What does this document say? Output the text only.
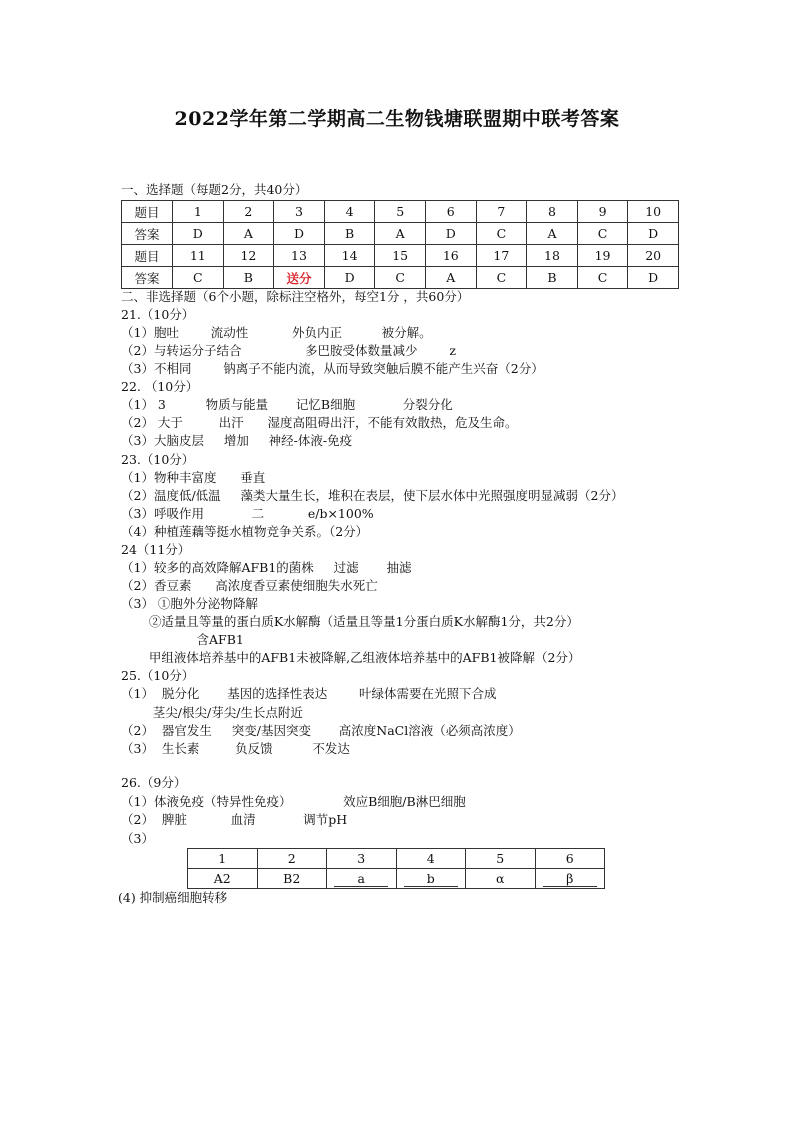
2022学年第二学期高二生物钱塘联盟期中联考答案
一、选择题（每题2分，共40分）
题目	1	2	3	4	5	6	7	8	9	10
答案	D	A	D	B	A	D	C	A	C	D
题目	11	12	13	14	15	16	17	18	19	20
答案	C	B	送分	D	C	A	C	B	C	D
二、非选择题（6个小题，除标注空格外，每空1分 ，共60分）
21.（10分）
（1）胞吐        流动性           外负内正          被分解。
（2）与转运分子结合                多巴胺受体数量减少        z
（3）不相同        钠离子不能内流，从而导致突触后膜不能产生兴奋（2分）
22. （10分）
（1） 3          物质与能量       记忆B细胞            分裂分化
（2） 大于         出汗      湿度高阻碍出汗，不能有效散热，危及生命。
（3）大脑皮层     增加     神经-体液-免疫
23.（10分）
（1）物种丰富度      垂直
（2）温度低/低温     藻类大量生长，堆积在表层，使下层水体中光照强度明显减弱（2分）
（3）呼吸作用            二           e/b×100%
（4）种植莲藕等挺水植物竞争关系。（2分）
24（11分）
（1）较多的高效降解AFB1的菌株     过滤       抽滤
（2）香豆素      高浓度香豆素使细胞失水死亡
（3） ①胞外分泌物降解
②适量且等量的蛋白质K水解酶（适量且等量1分蛋白质K水解酶1分，共2分）
含AFB1
甲组液体培养基中的AFB1未被降解,乙组液体培养基中的AFB1被降解（2分）
25.（10分）
（1）  脱分化       基因的选择性表达        叶绿体需要在光照下合成
茎尖/根尖/芽尖/生长点附近
（2）  器官发生     突变/基因突变       高浓度NaCl溶液（必须高浓度）
（3）  生长素         负反馈          不发达
26.（9分）
（1）体液免疫（特异性免疫）             效应B细胞/B淋巴细胞
（2）  脾脏           血清            调节pH
（3）
1	2	3	4	5	6
A2	B2	a	b	α	β
(4) 抑制癌细胞转移
